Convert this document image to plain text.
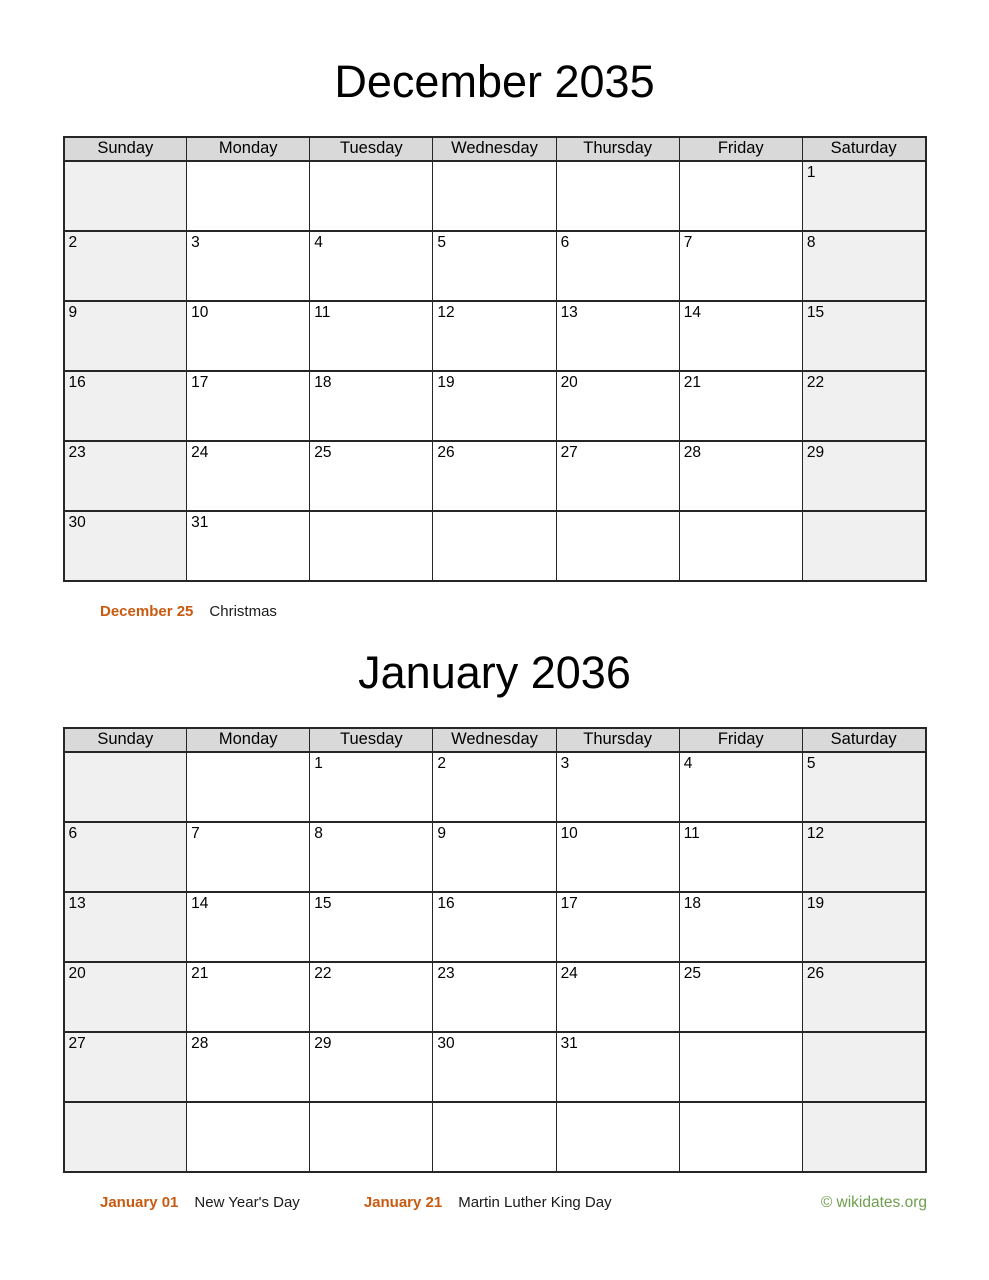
December 2035
Sunday	Monday	Tuesday	Wednesday	Thursday	Friday	Saturday
						1
2	3	4	5	6	7	8
9	10	11	12	13	14	15
16	17	18	19	20	21	22
23	24	25	26	27	28	29
30	31					
December 25 Christmas
January 2036
Sunday	Monday	Tuesday	Wednesday	Thursday	Friday	Saturday
		1	2	3	4	5
6	7	8	9	10	11	12
13	14	15	16	17	18	19
20	21	22	23	24	25	26
27	28	29	30	31		

January 01 New Year's Day	January 21 Martin Luther King Day	© wikidates.org
